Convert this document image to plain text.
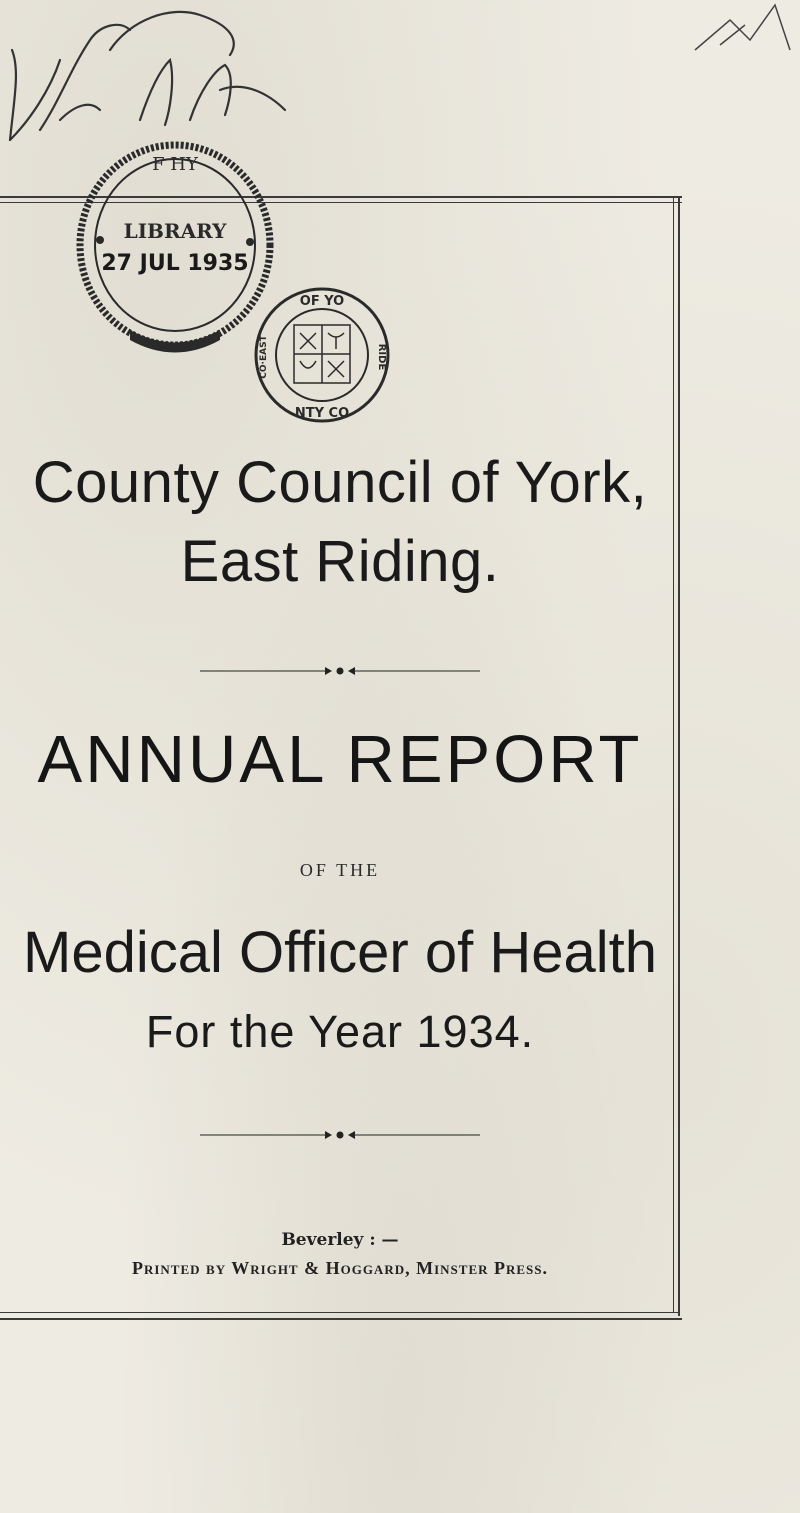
F HY
LIBRARY
27 JUL 1935
OF YO
NTY CO
CO·EAST	RIDE
County Council of York,
East Riding.
ANNUAL REPORT
OF THE
Medical Officer of Health
For the Year 1934.
Beverley : —
Printed by Wright & Hoggard, Minster Press.
